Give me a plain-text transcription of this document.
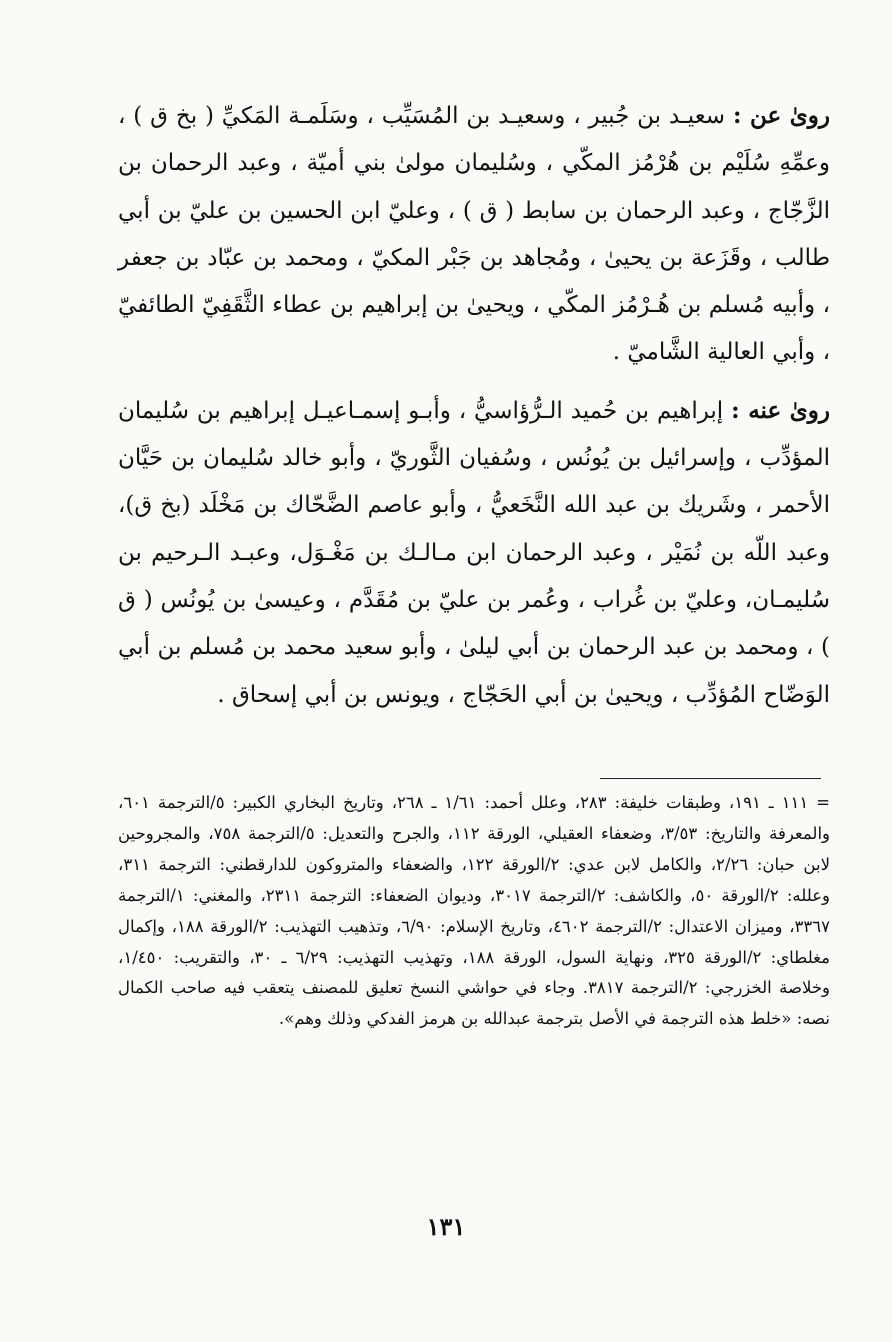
روىٰ عن : سعيـد بن جُبير ، وسعيـد بن المُسَيِّب ، وسَلَمـة المَكيِّ ( بخ ق ) ، وعمِّهِ سُلَيْم بن هُرْمُز المكّي ، وسُليمان مولىٰ بني أميّة ، وعبد الرحمان بن الزَّجّاج ، وعبد الرحمان بن سابط ( ق ) ، وعليّ ابن الحسين بن عليّ بن أبي طالب ، وقَزَعة بن يحيىٰ ، ومُجاهد بن جَبْر المكيّ ، ومحمد بن عبّاد بن جعفر ، وأبيه مُسلم بن هُـرْمُز المكّي ، ويحيىٰ بن إبراهيم بن عطاء الثَّقَفِيّ الطائفيّ ، وأبي العالية الشَّاميّ .

روىٰ عنه : إبراهيم بن حُميد الـرُّؤاسيُّ ، وأبـو إسمـاعيـل إبراهيم بن سُليمان المؤدِّب ، وإسرائيل بن يُونُس ، وسُفيان الثَّوريّ ، وأبو خالد سُليمان بن حَيَّان الأحمر ، وشَريك بن عبد الله النَّخَعيُّ ، وأبو عاصم الضَّحّاك بن مَخْلَد (بخ ق)، وعبد اللّه بن نُمَيْر ، وعبد الرحمان ابن مـالـك بن مَغْـوَل، وعبـد الـرحيم بن سُليمـان، وعليّ بن غُراب ، وعُمر بن عليّ بن مُقَدَّم ، وعيسىٰ بن يُونُس ( ق ) ، ومحمد بن عبد الرحمان بن أبي ليلىٰ ، وأبو سعيد محمد بن مُسلم بن أبي الوَضّاح المُؤدِّب ، ويحيىٰ بن أبي الحَجّاج ، ويونس بن أبي إسحاق .

= ١١١ ـ ١٩١، وطبقات خليفة: ٢٨٣، وعلل أحمد: ١/٦١ ـ ٢٦٨، وتاريخ البخاري الكبير: ٥/الترجمة ٦٠١، والمعرفة والتاريخ: ٣/٥٣، وضعفاء العقيلي، الورقة ١١٢، والجرح والتعديل: ٥/الترجمة ٧٥٨، والمجروحين لابن حبان: ٢/٢٦، والكامل لابن عدي: ٢/الورقة ١٢٢، والضعفاء والمتروكون للدارقطني: الترجمة ٣١١، وعلله: ٢/الورقة ٥٠، والكاشف: ٢/الترجمة ٣٠١٧، وديوان الضعفاء: الترجمة ٢٣١١، والمغني: ١/الترجمة ٣٣٦٧، وميزان الاعتدال: ٢/الترجمة ٤٦٠٢، وتاريخ الإسلام: ٦/٩٠، وتذهيب التهذيب: ٢/الورقة ١٨٨، وإكمال مغلطاي: ٢/الورقة ٣٢٥، ونهاية السول، الورقة ١٨٨، وتهذيب التهذيب: ٦/٢٩ ـ ٣٠، والتقريب: ١/٤٥٠، وخلاصة الخزرجي: ٢/الترجمة ٣٨١٧. وجاء في حواشي النسخ تعليق للمصنف يتعقب فيه صاحب الكمال نصه: «خلط هذه الترجمة في الأصل بترجمة عبدالله بن هرمز الفدكي وذلك وهم».

١٣١
